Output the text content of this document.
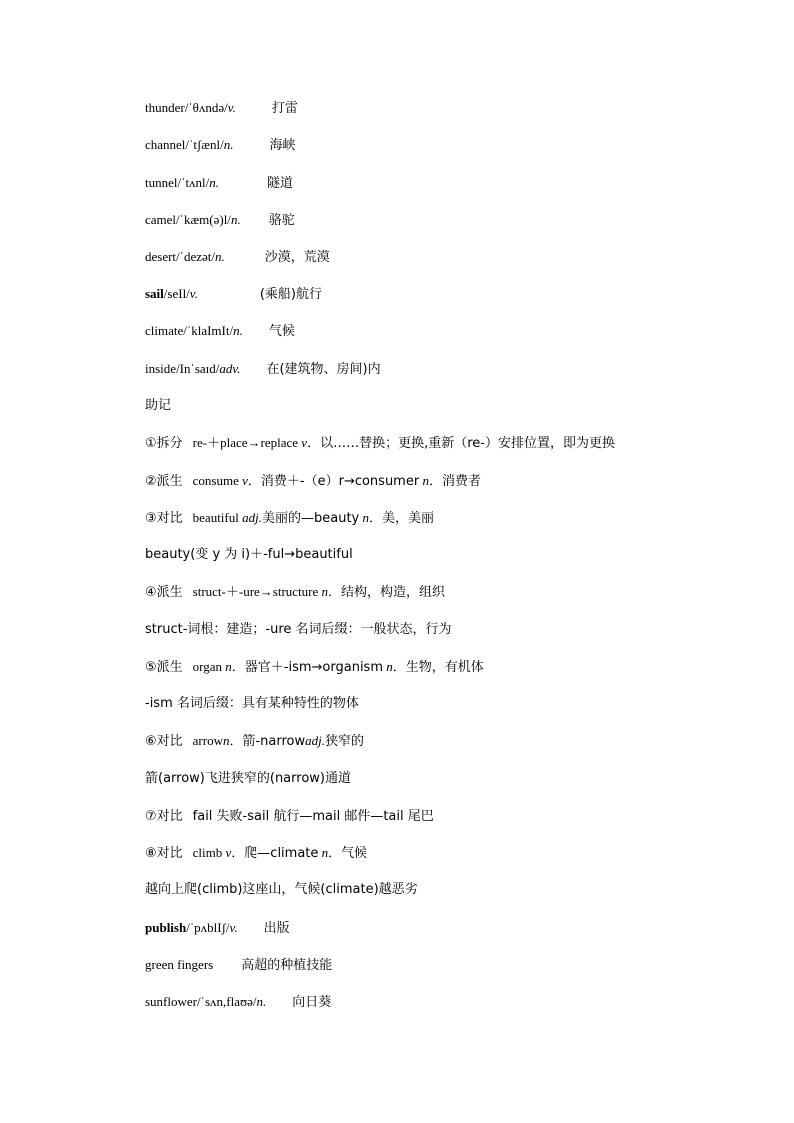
thunder/ˈθʌndə/v.	打雷
channel/ˈtʃænl/n.	海峡
tunnel/ˈtʌnl/n.	隧道
camel/ˈkæm(ə)l/n. 骆驼
desert/ˈdezət/n.	沙漠，荒漠
sail/seIl/v.	(乘船)航行
climate/ˈklaImIt/n. 气候
inside/Inˈsaɪd/adv. 在(建筑物、房间)内
助记
①拆分 re-＋place→replace v．以……替换；更换,重新（re-）安排位置，即为更换
②派生 consume v．消费＋-（e）r→consumer n．消费者
③对比 beautiful adj.美丽的—beauty n．美，美丽
beauty(变 y 为 i)＋-ful→beautiful
④派生 struct-＋-ure→structure n．结构，构造，组织
struct-词根：建造；-ure 名词后缀：一般状态，行为
⑤派生 organ n．器官＋-ism→organism n．生物，有机体
-ism 名词后缀：具有某种特性的物体
⑥对比 arrown．箭-narrowadj.狭窄的
箭(arrow)飞进狭窄的(narrow)通道
⑦对比 fail 失败-sail 航行—mail 邮件—tail 尾巴
⑧对比 climb v．爬—climate n．气候
越向上爬(climb)这座山，气候(climate)越恶劣
publish/ˈpʌblIʃ/v. 出版
green fingers 高超的种植技能
sunflower/ˈsʌn,flaʊə/n. 向日葵
